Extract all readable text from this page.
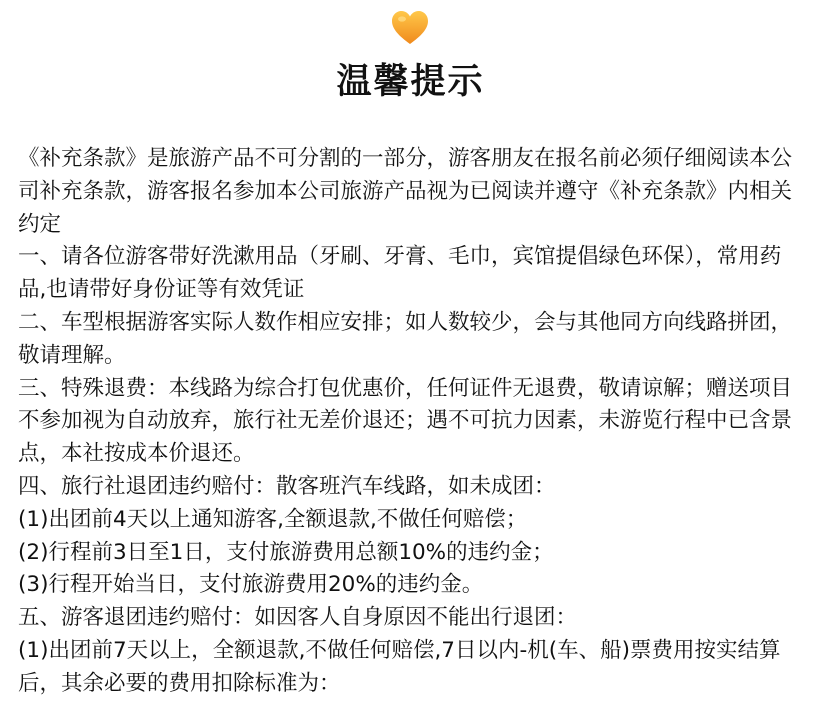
温馨提示

《补充条款》是旅游产品不可分割的一部分，游客朋友在报名前必须仔细阅读本公司补充条款，游客报名参加本公司旅游产品视为已阅读并遵守《补充条款》内相关约定

一、请各位游客带好洗漱用品（牙刷、牙膏、毛巾，宾馆提倡绿色环保），常用药品,也请带好身份证等有效凭证

二、车型根据游客实际人数作相应安排；如人数较少，会与其他同方向线路拼团，敬请理解。

三、特殊退费：本线路为综合打包优惠价，任何证件无退费，敬请谅解；赠送项目不参加视为自动放弃，旅行社无差价退还；遇不可抗力因素，未游览行程中已含景点，本社按成本价退还。

四、旅行社退团违约赔付：散客班汽车线路，如未成团：

(1)出团前4天以上通知游客,全额退款,不做任何赔偿；

(2)行程前3日至1日，支付旅游费用总额10%的违约金；

(3)行程开始当日，支付旅游费用20%的违约金。

五、游客退团违约赔付：如因客人自身原因不能出行退团：

(1)出团前7天以上，全额退款,不做任何赔偿,7日以内-机(车、船)票费用按实结算后，其余必要的费用扣除标准为：
